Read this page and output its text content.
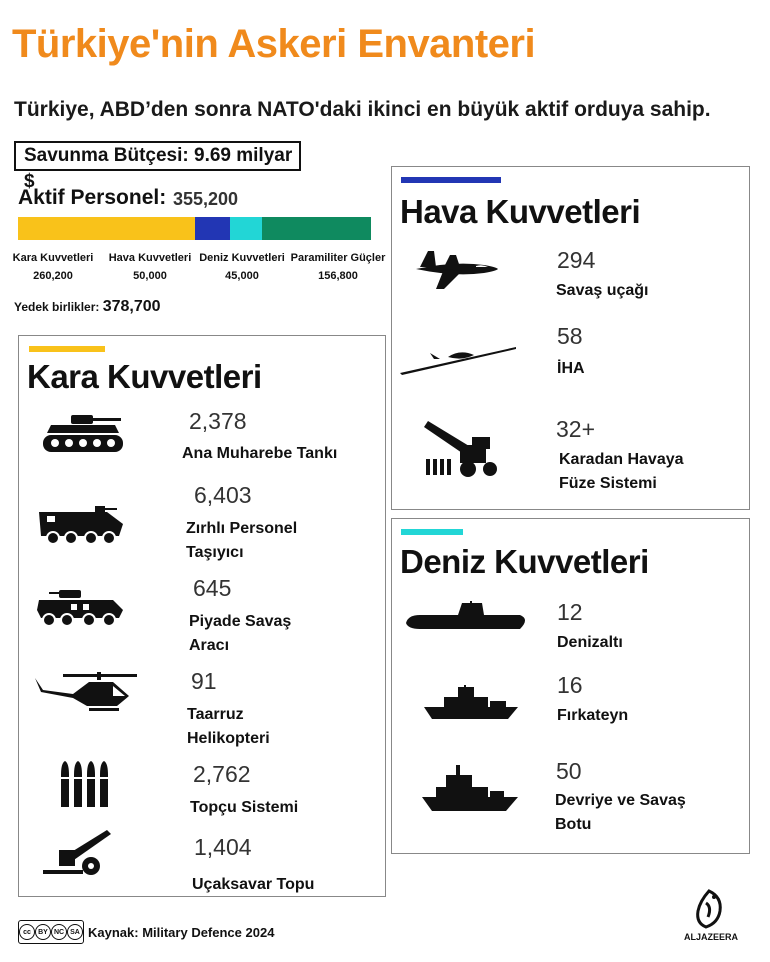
Türkiye'nin Askeri Envanteri
Türkiye, ABD’den sonra NATO'daki ikinci en büyük aktif orduya sahip.
Savunma Bütçesi: 9.69 milyar $
Aktif Personel: 355,200
Kara Kuvvetleri
260,200
Hava Kuvvetleri
50,000
Deniz Kuvvetleri
45,000
Paramiliter Güçler
156,800
Yedek birlikler: 378,700
Kara Kuvvetleri
2,378
Ana Muharebe Tankı
6,403
Zırhlı Personel Taşıyıcı
645
Piyade Savaş Aracı
91
Taarruz Helikopteri
2,762
Topçu Sistemi
1,404
Uçaksavar Topu
Hava Kuvvetleri
294
Savaş uçağı
58
İHA
32+
Karadan Havaya Füze Sistemi
Deniz Kuvvetleri
12
Denizaltı
16
Fırkateyn
50
Devriye ve Savaş Botu
cc	BY NC SA Kaynak: Military Defence 2024	ALJAZEERA
